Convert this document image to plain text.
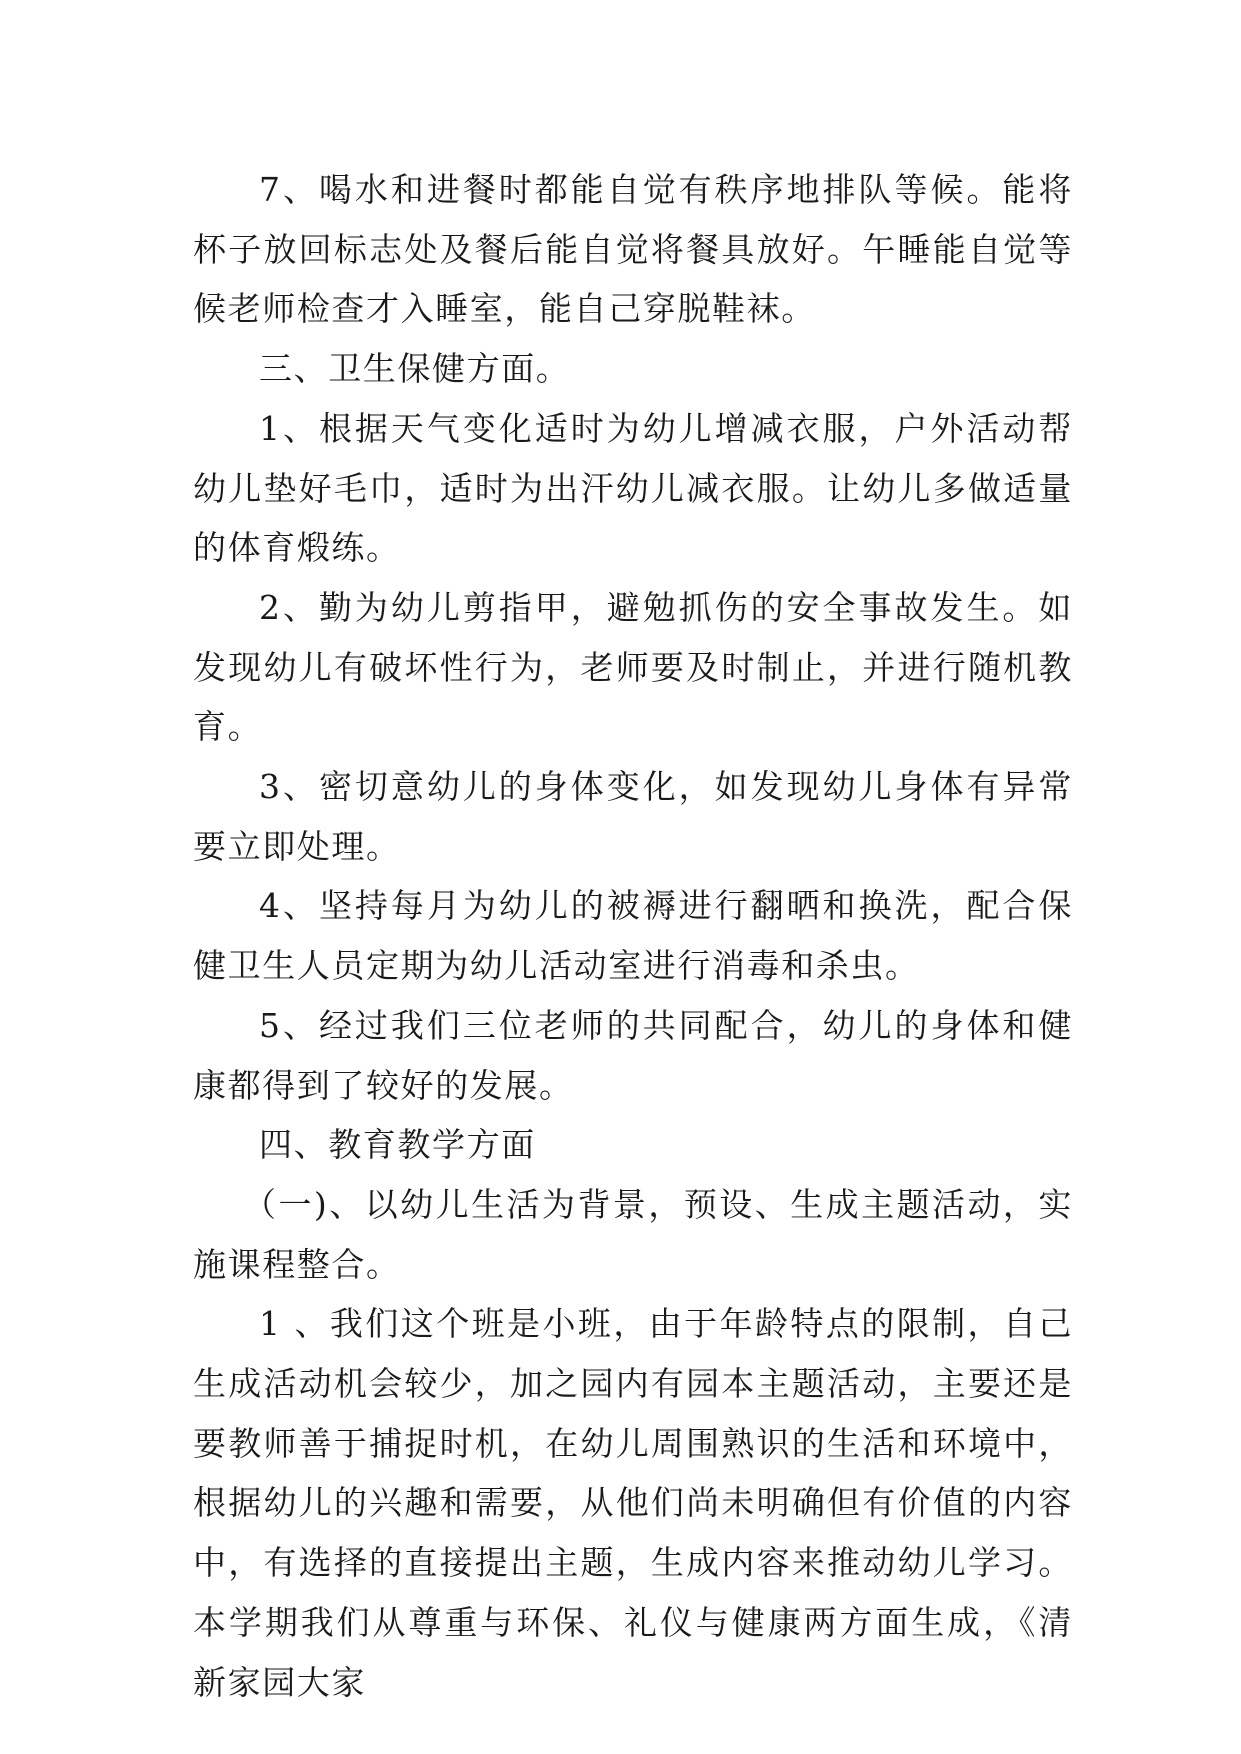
7、喝水和进餐时都能自觉有秩序地排队等候。能将杯子放回标志处及餐后能自觉将餐具放好。午睡能自觉等候老师检查才入睡室，能自己穿脱鞋袜。

三、卫生保健方面。

1、根据天气变化适时为幼儿增减衣服，户外活动帮幼儿垫好毛巾，适时为出汗幼儿减衣服。让幼儿多做适量的体育煅练。

2、勤为幼儿剪指甲，避勉抓伤的安全事故发生。如发现幼儿有破坏性行为，老师要及时制止，并进行随机教育。

3、密切意幼儿的身体变化，如发现幼儿身体有异常要立即处理。

4、坚持每月为幼儿的被褥进行翻晒和换洗，配合保健卫生人员定期为幼儿活动室进行消毒和杀虫。

5、经过我们三位老师的共同配合，幼儿的身体和健康都得到了较好的发展。

四、教育教学方面

（一)、以幼儿生活为背景，预设、生成主题活动，实施课程整合。

1 、我们这个班是小班，由于年龄特点的限制，自己生成活动机会较少，加之园内有园本主题活动，主要还是要教师善于捕捉时机，在幼儿周围熟识的生活和环境中，根据幼儿的兴趣和需要，从他们尚未明确但有价值的内容中，有选择的直接提出主题，生成内容来推动幼儿学习。本学期我们从尊重与环保、礼仪与健康两方面生成，《清新家园大家
